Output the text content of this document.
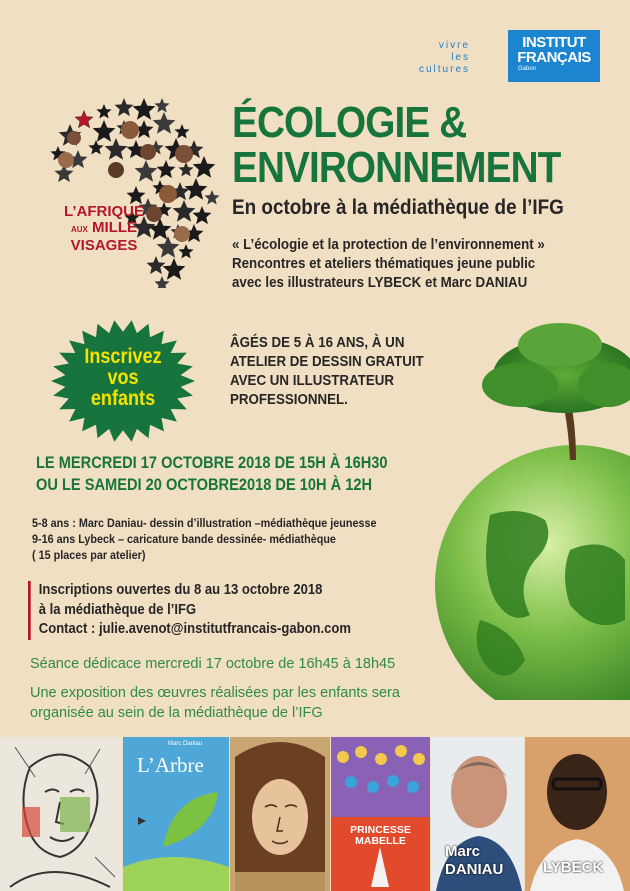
vivre
les
cultures
INSTITUT
FRANÇAIS
Gabon
L’AFRIQUE
AUX MILLE
VISAGES
ÉCOLOGIE &
ENVIRONNEMENT
En octobre à la médiathèque de l’IFG
« L’écologie et la protection de l’environnement »
Rencontres et ateliers thématiques jeune public
avec les illustrateurs LYBECK et Marc DANIAU
Inscrivez
vos
enfants
ÂGÉS DE 5 À 16 ANS, À UN
ATELIER DE DESSIN GRATUIT
AVEC UN ILLUSTRATEUR
PROFESSIONNEL.
LE MERCREDI 17 OCTOBRE 2018 DE 15H À 16H30
OU LE SAMEDI 20 OCTOBRE2018 DE 10H À 12H
5-8 ans : Marc Daniau- dessin d’illustration –médiathèque jeunesse
9-16 ans Lybeck – caricature bande dessinée- médiathèque
( 15 places par atelier)
Inscriptions ouvertes du 8 au 13 octobre 2018
à la médiathèque de l’IFG
Contact : julie.avenot@institutfrancais-gabon.com
Séance dédicace mercredi 17 octobre de 16h45 à 18h45
Une exposition des œuvres réalisées par les enfants sera
organisée au sein de la médiathèque de l’IFG
Marc Daniau
L’Arbre
PRINCESSE
MABELLE
Marc
DANIAU	LYBECK
